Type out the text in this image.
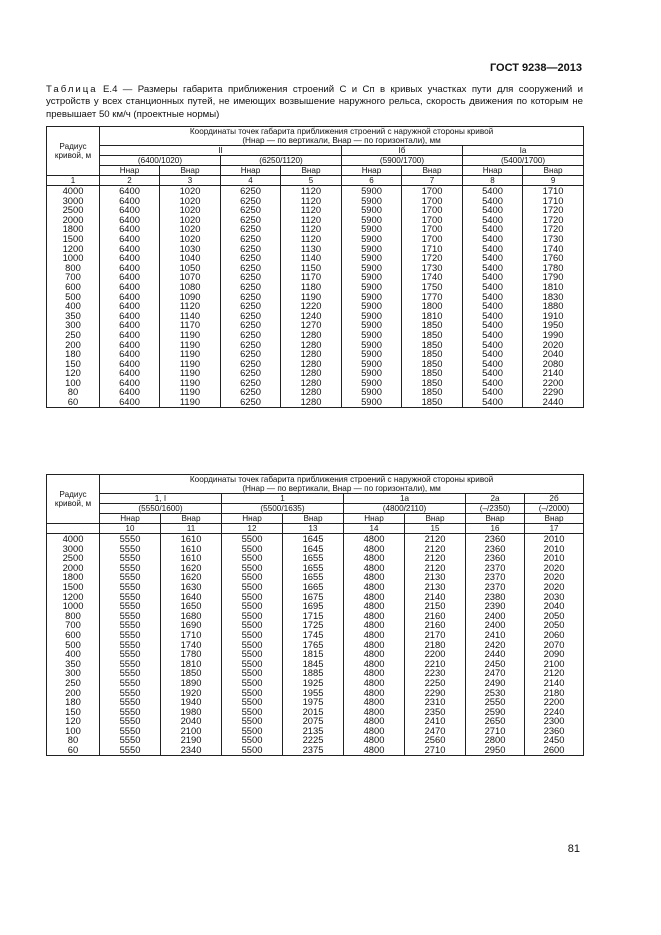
ГОСТ 9238—2013
Таблица Е.4 — Размеры габарита приближения строений C и Cп в кривых участках пути для сооружений и устройств у всех станционных путей, не имеющих возвышение наружного рельса, скорость движения по которым не превышает 50 км/ч (проектные нормы)
Радиус кривой, м	Координаты точек габарита приближения строений с наружной стороны кривой
(Hнар — по вертикали, Bнар — по горизонтали), мм							
	II				Iб		Iа	
	(6400/1020)		(6250/1120)		(5900/1700)		(5400/1700)	
	Hнар	Bнар	Hнар	Bнар	Hнар	Bнар	Hнар	Bнар
1	2	3	4	5	6	7	8	9
4000	6400	1020	6250	1120	5900	1700	5400	1710
3000	6400	1020	6250	1120	5900	1700	5400	1710
2500	6400	1020	6250	1120	5900	1700	5400	1720
2000	6400	1020	6250	1120	5900	1700	5400	1720
1800	6400	1020	6250	1120	5900	1700	5400	1720
1500	6400	1020	6250	1120	5900	1700	5400	1730
1200	6400	1030	6250	1130	5900	1710	5400	1740
1000	6400	1040	6250	1140	5900	1720	5400	1760
800	6400	1050	6250	1150	5900	1730	5400	1780
700	6400	1070	6250	1170	5900	1740	5400	1790
600	6400	1080	6250	1180	5900	1750	5400	1810
500	6400	1090	6250	1190	5900	1770	5400	1830
400	6400	1120	6250	1220	5900	1800	5400	1880
350	6400	1140	6250	1240	5900	1810	5400	1910
300	6400	1170	6250	1270	5900	1850	5400	1950
250	6400	1190	6250	1280	5900	1850	5400	1990
200	6400	1190	6250	1280	5900	1850	5400	2020
180	6400	1190	6250	1280	5900	1850	5400	2040
150	6400	1190	6250	1280	5900	1850	5400	2080
120	6400	1190	6250	1280	5900	1850	5400	2140
100	6400	1190	6250	1280	5900	1850	5400	2200
80	6400	1190	6250	1280	5900	1850	5400	2290
60	6400	1190	6250	1280	5900	1850	5400	2440
Радиус кривой, м	Координаты точек габарита приближения строений с наружной стороны кривой
(Hнар — по вертикали, Bнар — по горизонтали), мм							
	1, I		1		1а		2а	2б
	(5550/1600)		(5500/1635)		(4800/2110)		(–/2350)	(–/2000)
	Hнар	Bнар	Hнар	Bнар	Hнар	Bнар	Bнар	Bнар
	10	11	12	13	14	15	16	17
4000	5550	1610	5500	1645	4800	2120	2360	2010
3000	5550	1610	5500	1645	4800	2120	2360	2010
2500	5550	1610	5500	1655	4800	2120	2360	2010
2000	5550	1620	5500	1655	4800	2120	2370	2020
1800	5550	1620	5500	1655	4800	2130	2370	2020
1500	5550	1630	5500	1665	4800	2130	2370	2020
1200	5550	1640	5500	1675	4800	2140	2380	2030
1000	5550	1650	5500	1695	4800	2150	2390	2040
800	5550	1680	5500	1715	4800	2160	2400	2050
700	5550	1690	5500	1725	4800	2160	2400	2050
600	5550	1710	5500	1745	4800	2170	2410	2060
500	5550	1740	5500	1765	4800	2180	2420	2070
400	5550	1780	5500	1815	4800	2200	2440	2090
350	5550	1810	5500	1845	4800	2210	2450	2100
300	5550	1850	5500	1885	4800	2230	2470	2120
250	5550	1890	5500	1925	4800	2250	2490	2140
200	5550	1920	5500	1955	4800	2290	2530	2180
180	5550	1940	5500	1975	4800	2310	2550	2200
150	5550	1980	5500	2015	4800	2350	2590	2240
120	5550	2040	5500	2075	4800	2410	2650	2300
100	5550	2100	5500	2135	4800	2470	2710	2360
80	5550	2190	5500	2225	4800	2560	2800	2450
60	5550	2340	5500	2375	4800	2710	2950	2600
81
